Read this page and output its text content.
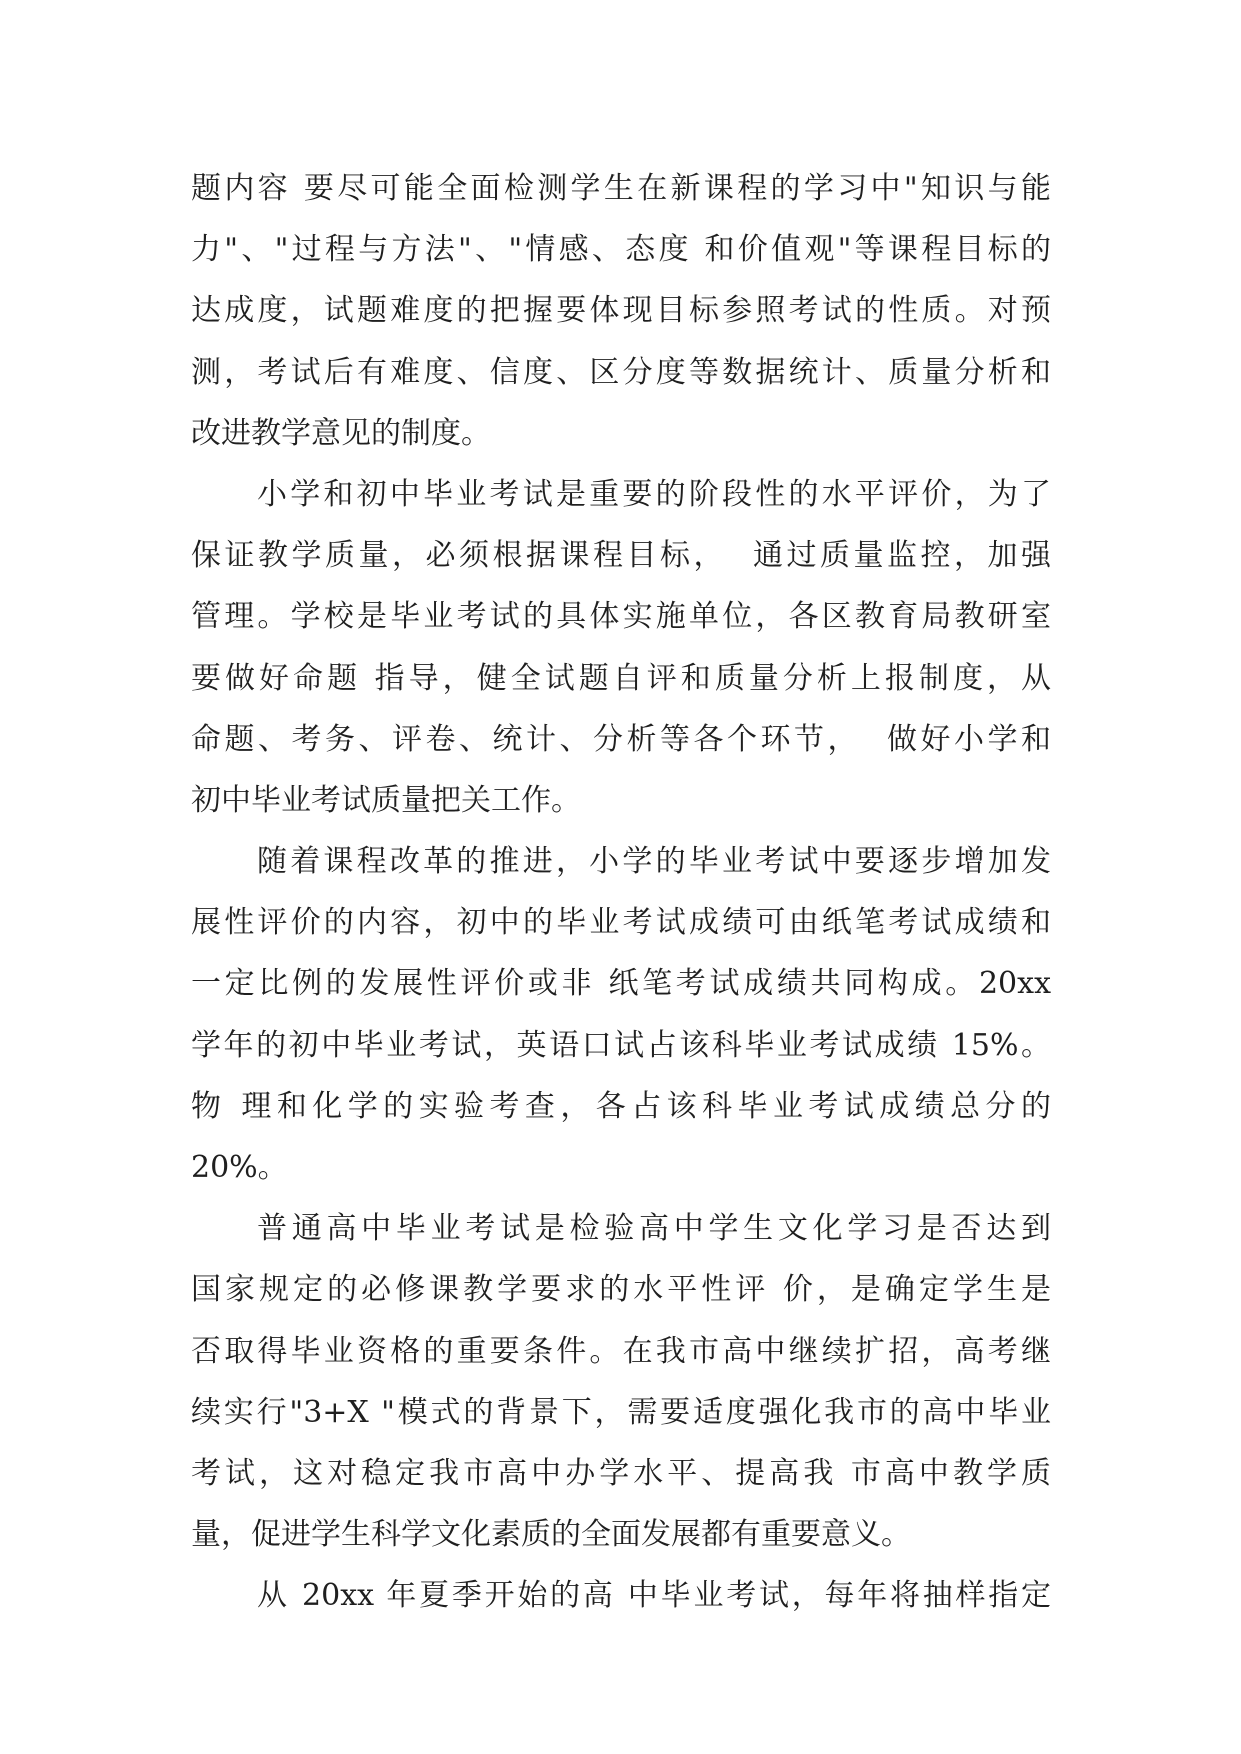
题内容 要尽可能全面检测学生在新课程的学习中"知识与能
力"、"过程与方法"、"情感、态度 和价值观"等课程目标的
达成度，试题难度的把握要体现目标参照考试的性质。对预
测，考试后有难度、信度、区分度等数据统计、质量分析和
改进教学意见的制度。
小学和初中毕业考试是重要的阶段性的水平评价，为了
保证教学质量，必须根据课程目标，  通过质量监控，加强
管理。学校是毕业考试的具体实施单位，各区教育局教研室
要做好命题 指导，健全试题自评和质量分析上报制度，从
命题、考务、评卷、统计、分析等各个环节，  做好小学和
初中毕业考试质量把关工作。
随着课程改革的推进，小学的毕业考试中要逐步增加发
展性评价的内容，初中的毕业考试成绩可由纸笔考试成绩和
一定比例的发展性评价或非 纸笔考试成绩共同构成。20xx
学年的初中毕业考试，英语口试占该科毕业考试成绩 15%。
物 理和化学的实验考查，各占该科毕业考试成绩总分的
20%。
普通高中毕业考试是检验高中学生文化学习是否达到
国家规定的必修课教学要求的水平性评 价，是确定学生是
否取得毕业资格的重要条件。在我市高中继续扩招，高考继
续实行"3+X "模式的背景下，需要适度强化我市的高中毕业
考试，这对稳定我市高中办学水平、提高我 市高中教学质
量，促进学生科学文化素质的全面发展都有重要意义。
从 20xx 年夏季开始的高 中毕业考试，每年将抽样指定
